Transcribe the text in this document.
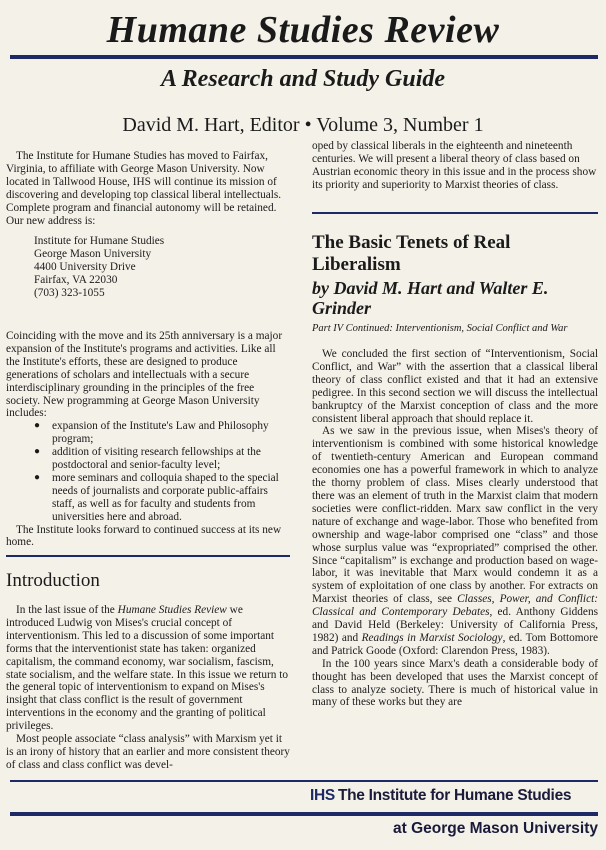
Humane Studies Review
A Research and Study Guide
David M. Hart, Editor • Volume 3, Number 1

The Institute for Humane Studies has moved to Fairfax, Virginia, to affiliate with George Mason University. Now located in Tallwood House, IHS will continue its mission of discovering and developing top classical liberal intellectuals. Complete program and financial autonomy will be retained. Our new address is:

Institute for Humane Studies

George Mason University

4400 University Drive

Fairfax, VA 22030

(703) 323-1055

Coinciding with the move and its 25th anniversary is a major expansion of the Institute's programs and activities. Like all the Institute's efforts, these are designed to produce generations of scholars and intellectuals with a secure interdisciplinary grounding in the principles of the free society. New programming at George Mason University includes:

● expansion of the Institute's Law and Philosophy program;
● addition of visiting research fellowships at the postdoctoral and senior-faculty level;
● more seminars and colloquia shaped to the special needs of journalists and corporate public-affairs staff, as well as for faculty and students from universities here and abroad.

The Institute looks forward to continued success at its new home.

Introduction

In the last issue of the Humane Studies Review we introduced Ludwig von Mises's crucial concept of interventionism. This led to a discussion of some important forms that the interventionist state has taken: organized capitalism, the command economy, war socialism, fascism, state socialism, and the welfare state. In this issue we return to the general topic of interventionism to expand on Mises's insight that class conflict is the result of government interventions in the economy and the granting of political privileges.

Most people associate “class analysis” with Marxism yet it is an irony of history that an earlier and more consistent theory of class and class conflict was devel-

oped by classical liberals in the eighteenth and nineteenth centuries. We will present a liberal theory of class based on Austrian economic theory in this issue and in the process show its priority and superiority to Marxist theories of class.
The Basic Tenets of Real Liberalism
by David M. Hart and Walter E. Grinder
Part IV Continued: Interventionism, Social Conflict and War

We concluded the first section of “Interventionism, Social Conflict, and War” with the assertion that a classical liberal theory of class conflict existed and that it had an extensive pedigree. In this second section we will discuss the intellectual bankruptcy of the Marxist conception of class and the more consistent liberal approach that should replace it.

As we saw in the previous issue, when Mises's theory of interventionism is combined with some historical knowledge of twentieth-century American and European command economies one has a powerful framework in which to analyze the thorny problem of class. Mises clearly understood that there was an element of truth in the Marxist claim that modern societies were conflict-ridden. Marx saw conflict in the very nature of exchange and wage-labor. Those who benefited from ownership and wage-labor comprised one “class” and those whose surplus value was “expropriated” comprised the other. Since “capitalism” is exchange and production based on wage-labor, it was inevitable that Marx would condemn it as a system of exploitation of one class by another. For extracts on Marxist theories of class, see Classes, Power, and Conflict: Classical and Contemporary Debates, ed. Anthony Giddens and David Held (Berkeley: University of California Press, 1982) and Readings in Marxist Sociology, ed. Tom Bottomore and Patrick Goode (Oxford: Clarendon Press, 1983).

In the 100 years since Marx's death a considerable body of thought has been developed that uses the Marxist concept of class to analyze society. There is much of historical value in many of these works but they are

IHS The Institute for Humane Studies
at George Mason University
